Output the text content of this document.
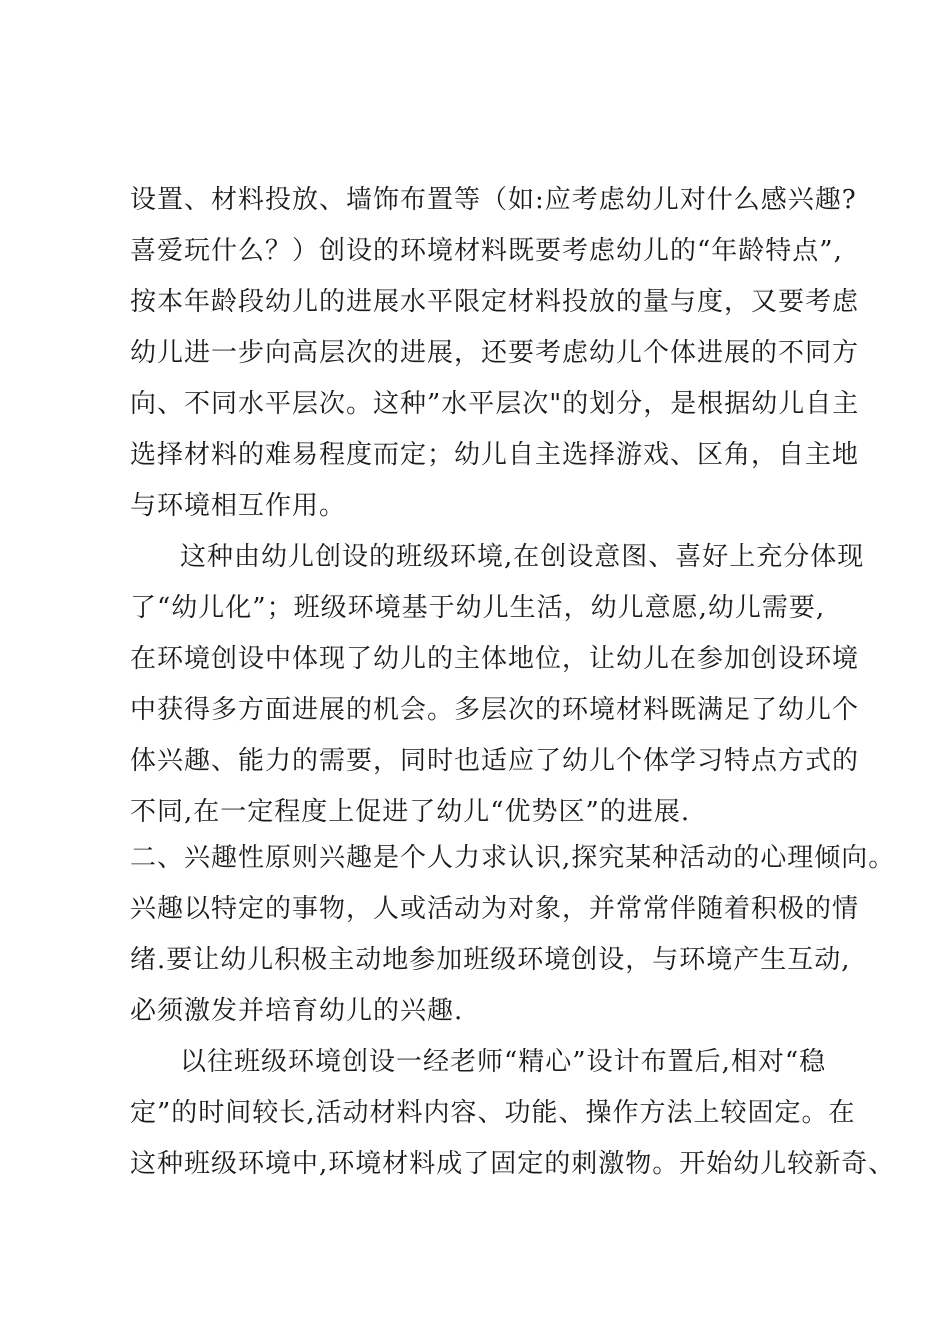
设置、材料投放、墙饰布置等（如:应考虑幼儿对什么感兴趣?
喜爱玩什么？）创设的环境材料既要考虑幼儿的“年龄特点”,
按本年龄段幼儿的进展水平限定材料投放的量与度，又要考虑
幼儿进一步向高层次的进展，还要考虑幼儿个体进展的不同方
向、不同水平层次。这种”水平层次"的划分，是根据幼儿自主
选择材料的难易程度而定；幼儿自主选择游戏、区角，自主地
与环境相互作用。
这种由幼儿创设的班级环境,在创设意图、喜好上充分体现
了“幼儿化”；班级环境基于幼儿生活，幼儿意愿,幼儿需要,
在环境创设中体现了幼儿的主体地位，让幼儿在参加创设环境
中获得多方面进展的机会。多层次的环境材料既满足了幼儿个
体兴趣、能力的需要，同时也适应了幼儿个体学习特点方式的
不同,在一定程度上促进了幼儿“优势区”的进展.
二、兴趣性原则兴趣是个人力求认识,探究某种活动的心理倾向。
兴趣以特定的事物，人或活动为对象，并常常伴随着积极的情
绪.要让幼儿积极主动地参加班级环境创设，与环境产生互动,
必须激发并培育幼儿的兴趣.
以往班级环境创设一经老师“精心”设计布置后,相对“稳
定”的时间较长,活动材料内容、功能、操作方法上较固定。在
这种班级环境中,环境材料成了固定的刺激物。开始幼儿较新奇、
